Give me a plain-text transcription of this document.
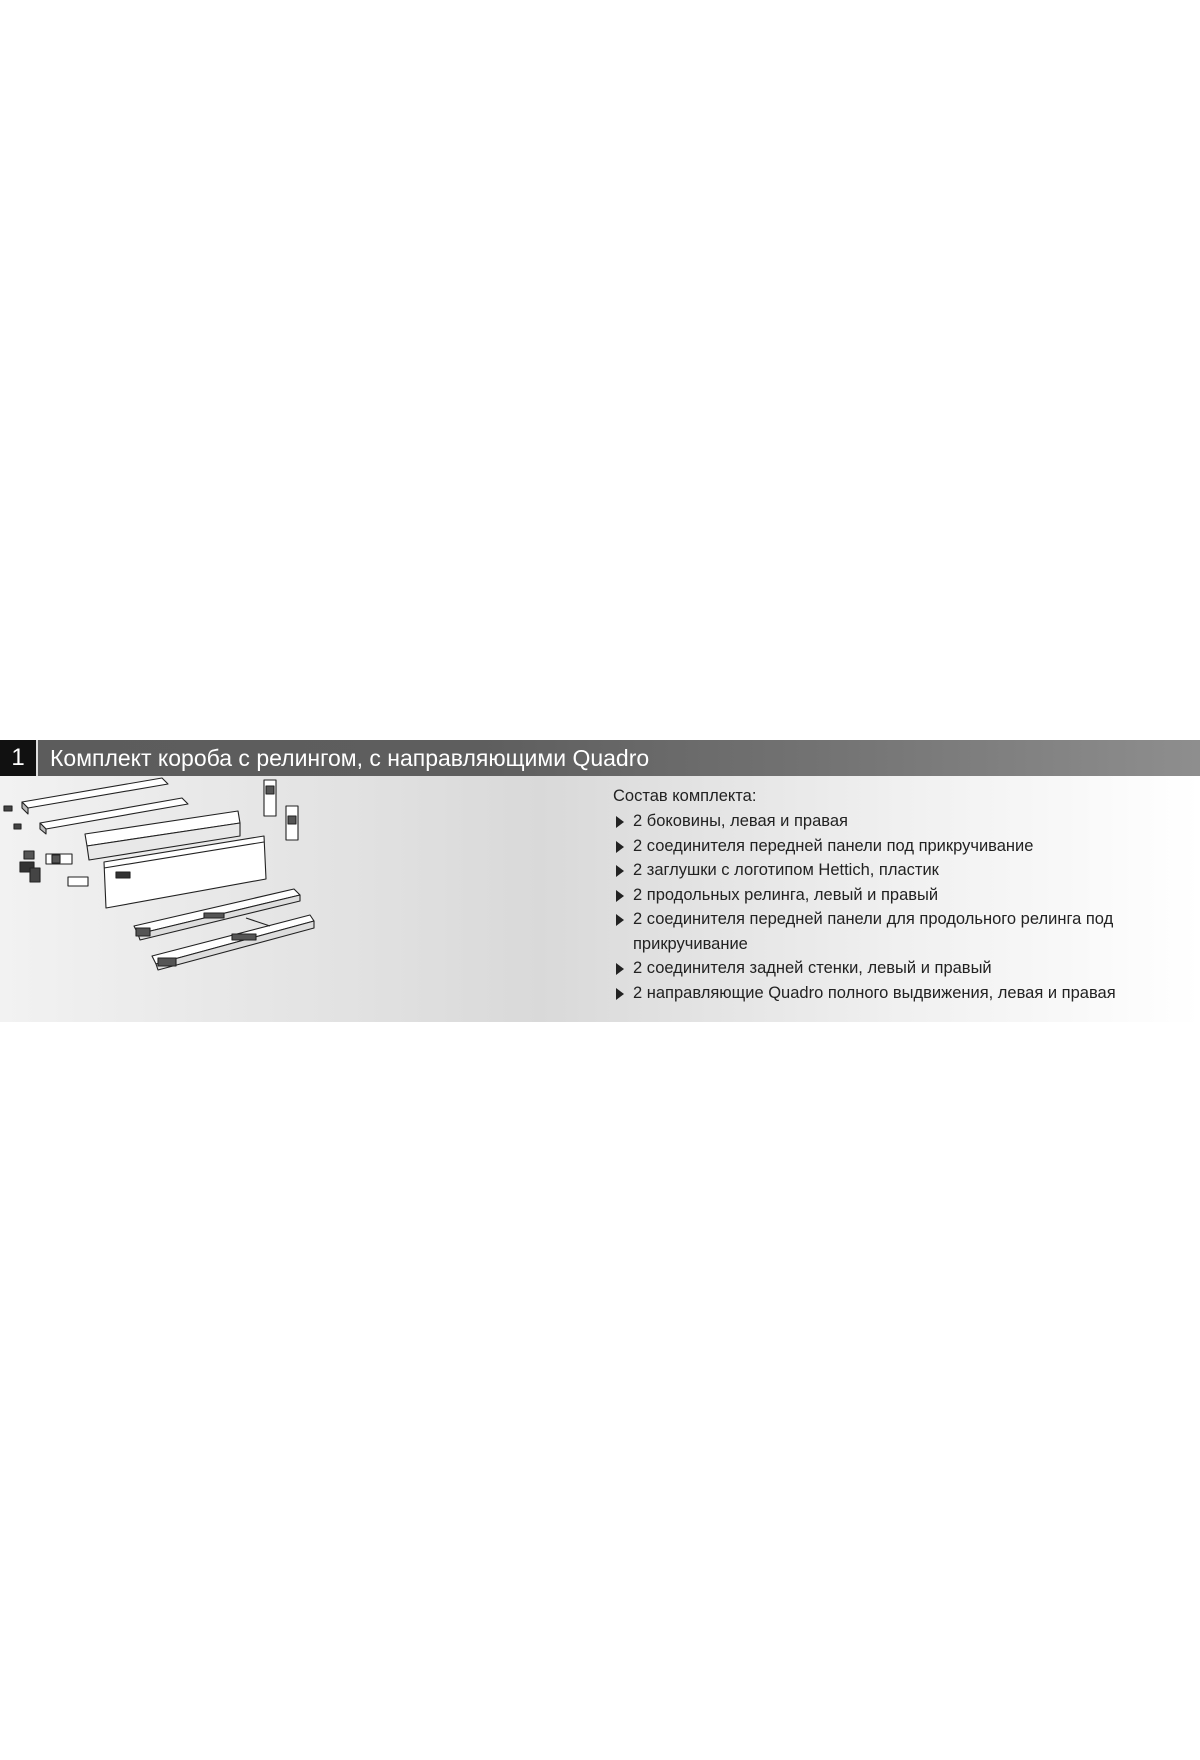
1	Комплект короба с релингом, с направляющими Quadro
Состав комплекта:
2 боковины, левая и правая
2 соединителя передней панели под прикручивание
2 заглушки с логотипом Hettich, пластик
2 продольных релинга, левый и правый
2 соединителя передней панели для продольного релинга под прикручивание
2 соединителя задней стенки, левый и правый
2 направляющие Quadro полного выдвижения, левая и правая
